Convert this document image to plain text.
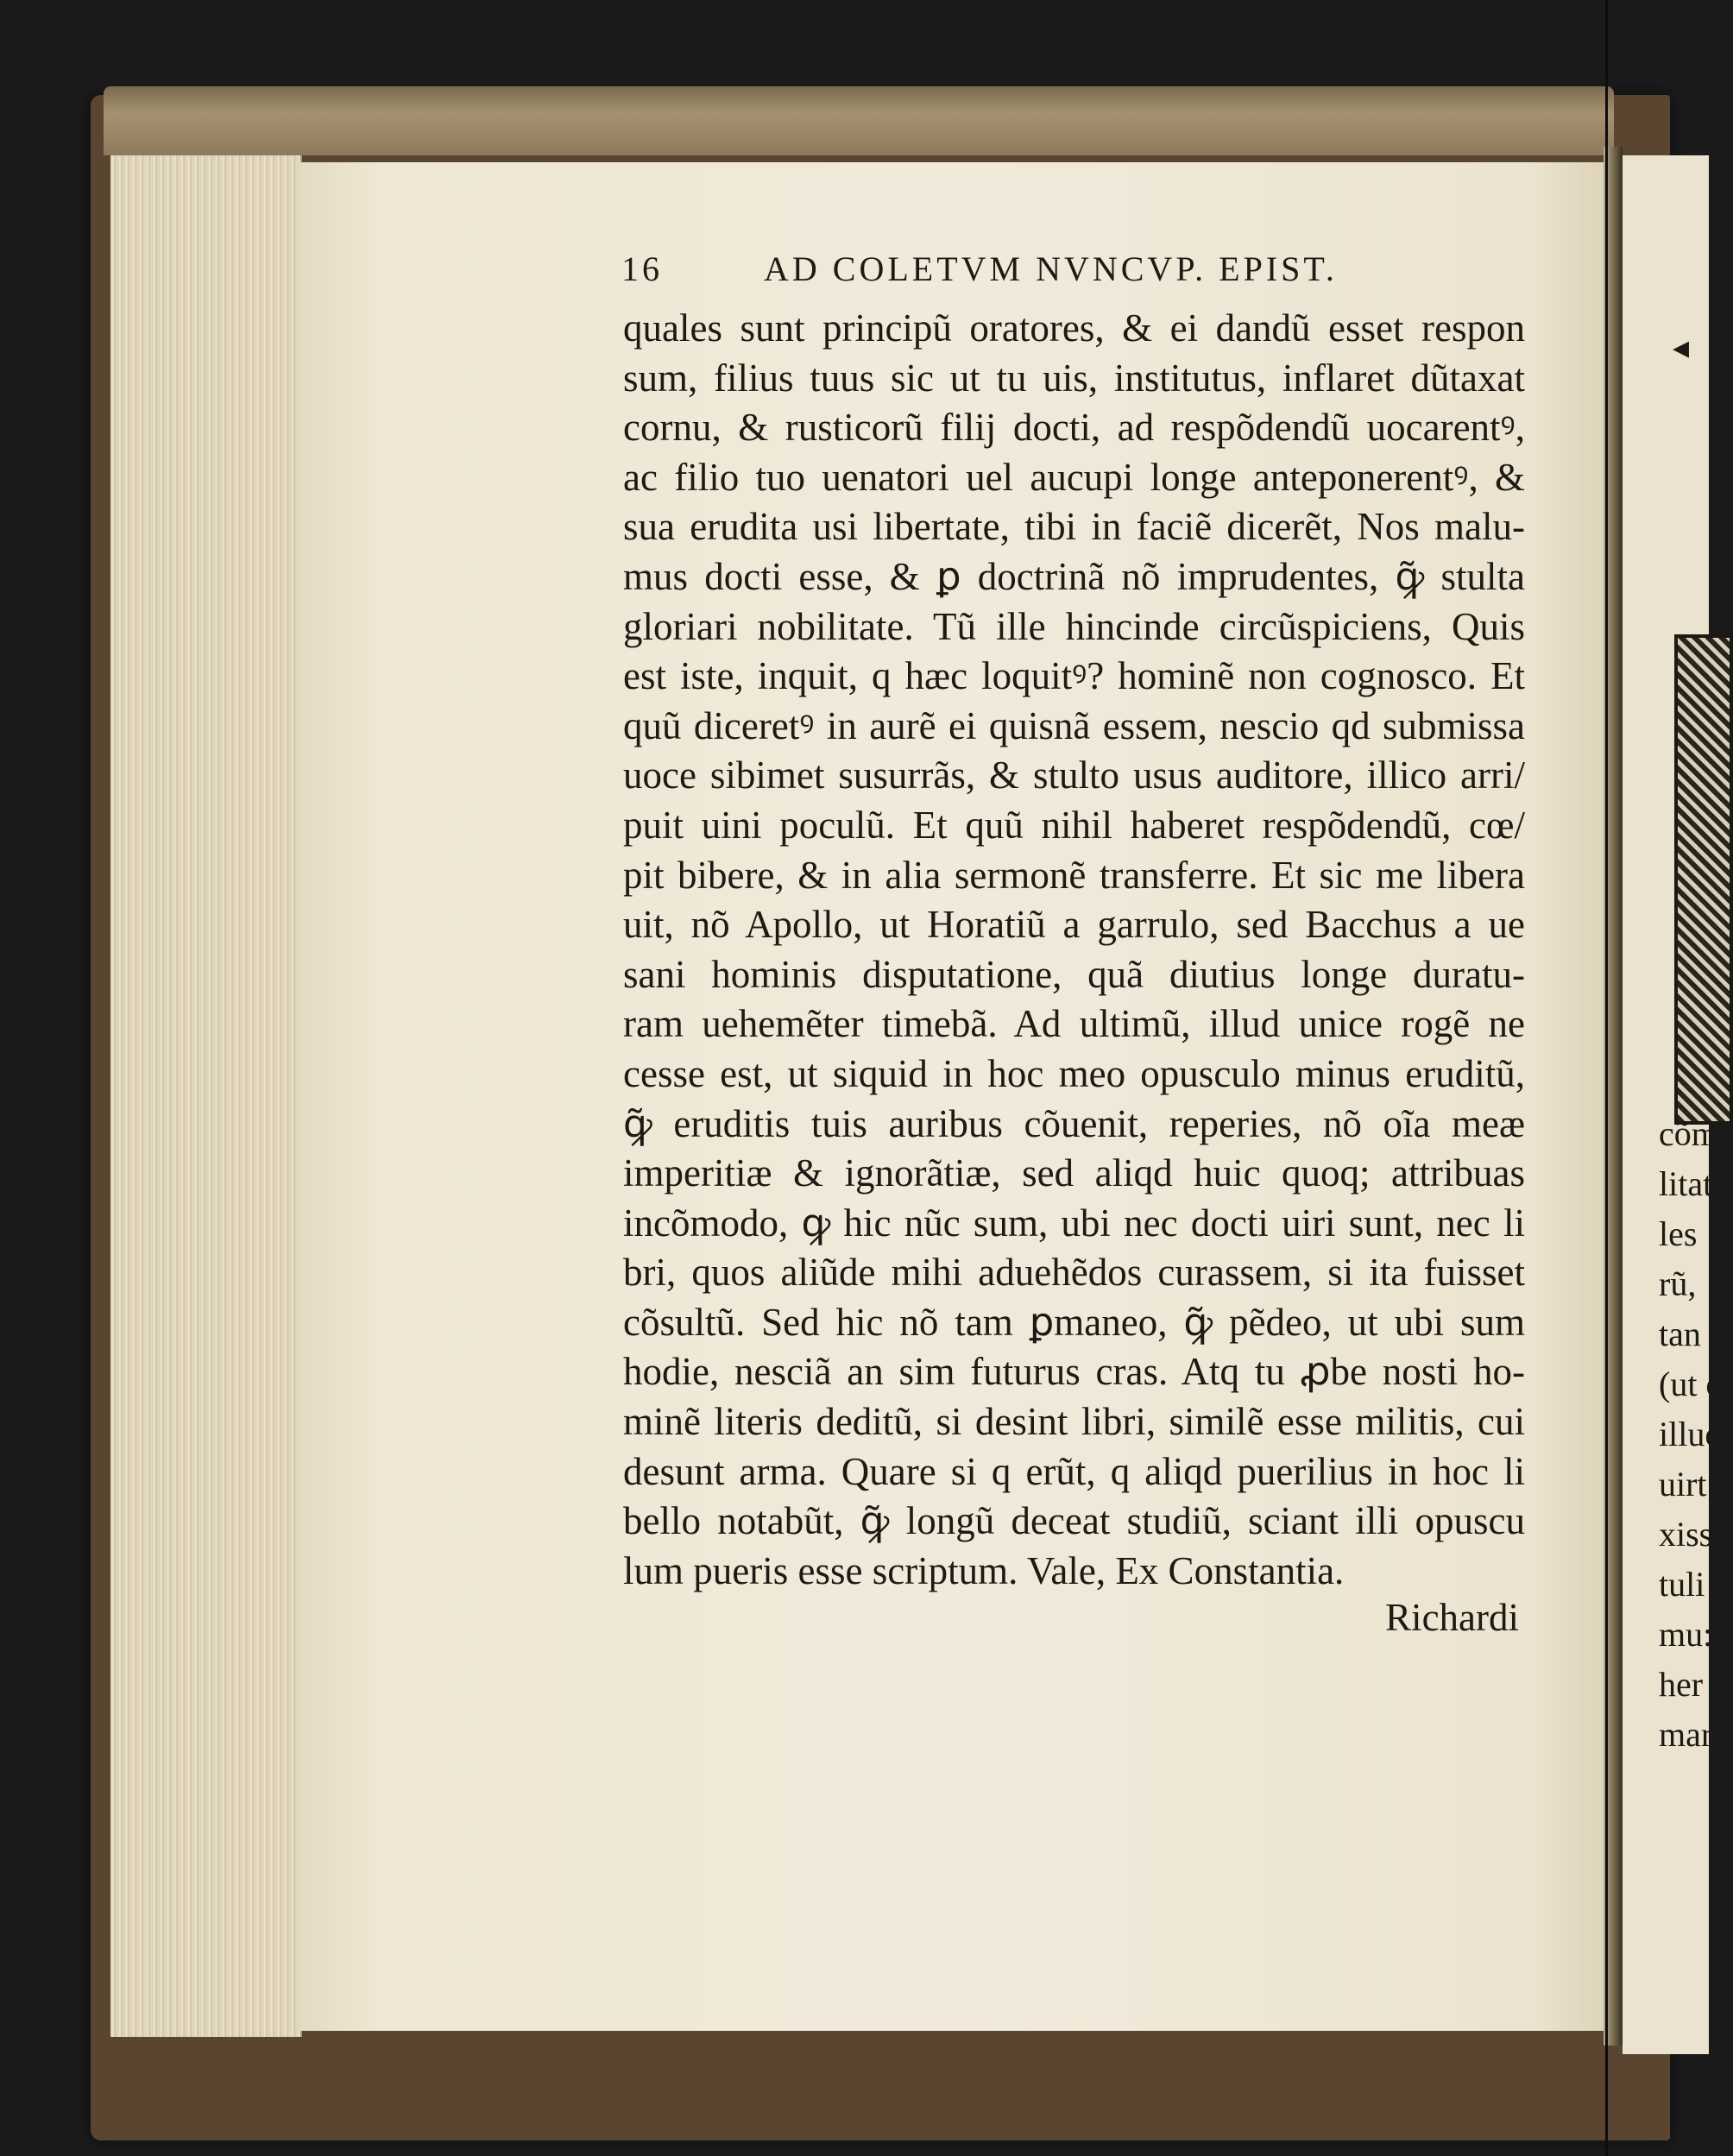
16	AD COLETVM NVNCVP. EPIST.
quales sunt principũ oratores, & ei dandũ esset respon
sum, filius tuus sic ut tu uis, institutus, inflaret dũtaxat
cornu, & rusticorũ filij docti, ad respõdendũ uocarentꝰ,
ac filio tuo uenatori uel aucupi longe anteponerentꝰ, &
sua erudita usi libertate, tibi in faciẽ dicerẽt, Nos malu-
mus docti esse, & ꝑ doctrinã nõ imprudentes, ꝙ̃ stulta
gloriari nobilitate. Tũ ille hincinde circũspiciens, Quis
est iste, inquit, q hæc loquitꝰ? hominẽ non cognosco. Et
quũ diceretꝰ in aurẽ ei quisnã essem, nescio qd submissa
uoce sibimet susurrãs, & stulto usus auditore, illico arri/
puit uini poculũ. Et quũ nihil haberet respõdendũ, cœ/
pit bibere, & in alia sermonẽ transferre. Et sic me libera
uit, nõ Apollo, ut Horatiũ a garrulo, sed Bacchus a ue
sani hominis disputatione, quã diutius longe duratu-
ram uehemẽter timebã. Ad ultimũ, illud unice rogẽ ne
cesse est, ut siquid in hoc meo opusculo minus eruditũ,
ꝙ̃ eruditis tuis auribus cõuenit, reperies, nõ oĩa meæ
imperitiæ & ignorãtiæ, sed aliqd huic quoq; attribuas
incõmodo, ꝙ hic nũc sum, ubi nec docti uiri sunt, nec li
bri, quos aliũde mihi aduehẽdos curassem, si ita fuisset
cõsultũ. Sed hic nõ tam ꝑmaneo, ꝙ̃ pẽdeo, ut ubi sum
hodie, nesciã an sim futurus cras. Atq tu ꝓbe nosti ho-
minẽ literis deditũ, si desint libri, similẽ esse militis, cui
desunt arma. Quare si q erũt, q aliqd puerilius in hoc li
bello notabũt, ꝙ̃ longũ deceat studiũ, sciant illi opuscu
lum pueris esse scriptum. Vale, Ex Constantia.
Richardi
◂
cõm
litat
les
rũ,
tan
(ut c
illuc
uirt
xissi
tuli
mu:
her
mar
